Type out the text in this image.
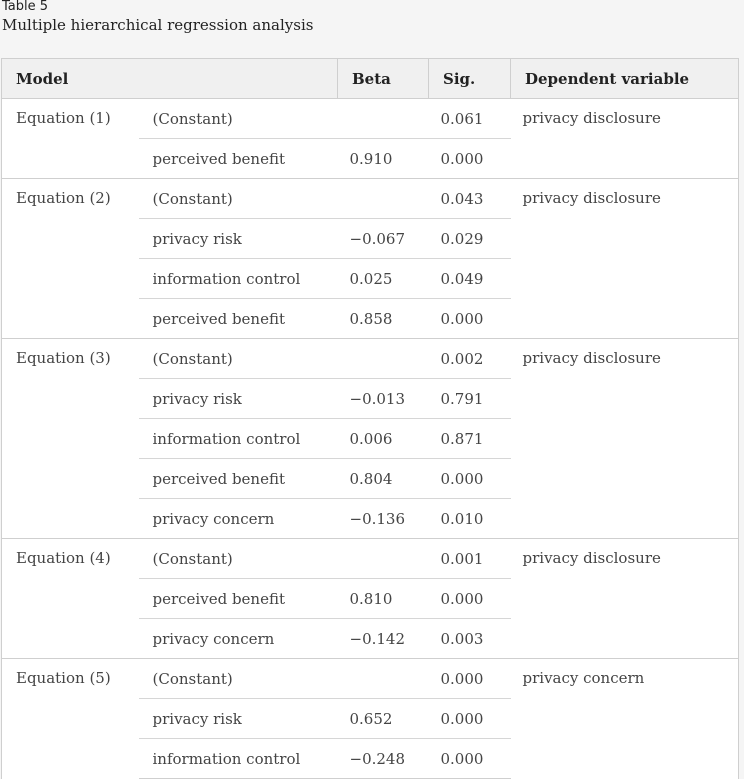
Table 5
Multiple hierarchical regression analysis
Model		Beta	Sig.	Dependent variable
Equation (1)	(Constant)		0.061	privacy disclosure
	perceived benefit	0.910	0.000	
Equation (2)	(Constant)		0.043	privacy disclosure
	privacy risk	−0.067	0.029	
	information control	0.025	0.049	
	perceived benefit	0.858	0.000	
Equation (3)	(Constant)		0.002	privacy disclosure
	privacy risk	−0.013	0.791	
	information control	0.006	0.871	
	perceived benefit	0.804	0.000	
	privacy concern	−0.136	0.010	
Equation (4)	(Constant)		0.001	privacy disclosure
	perceived benefit	0.810	0.000	
	privacy concern	−0.142	0.003	
Equation (5)	(Constant)		0.000	privacy concern
	privacy risk	0.652	0.000	
	information control	−0.248	0.000	
